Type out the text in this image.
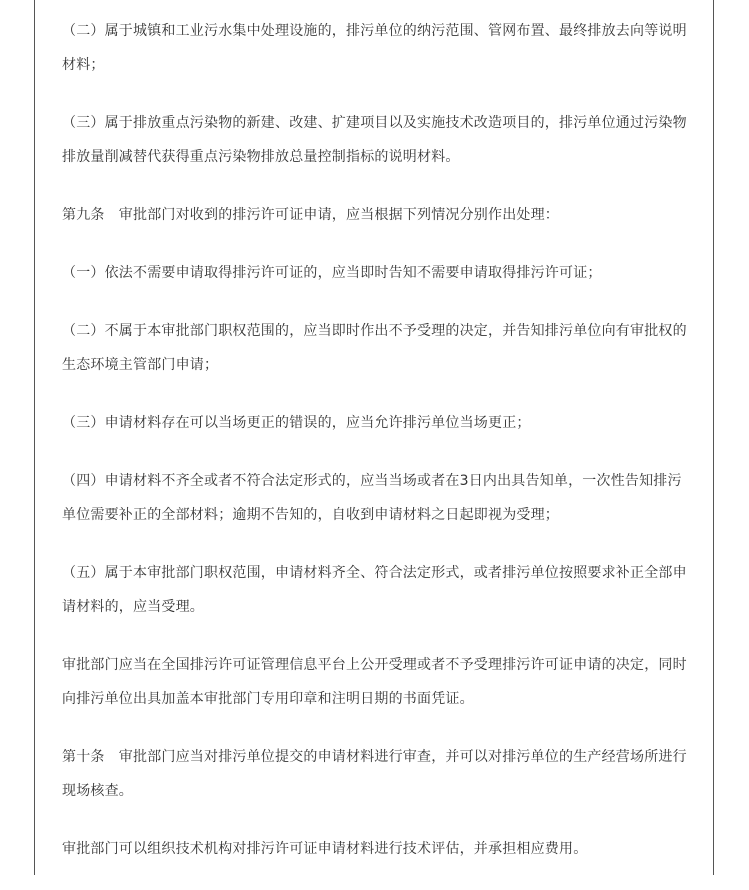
（二）属于城镇和工业污水集中处理设施的，排污单位的纳污范围、管网布置、最终排放去向等说明材料；

（三）属于排放重点污染物的新建、改建、扩建项目以及实施技术改造项目的，排污单位通过污染物排放量削减替代获得重点污染物排放总量控制指标的说明材料。

第九条　审批部门对收到的排污许可证申请，应当根据下列情况分别作出处理：

（一）依法不需要申请取得排污许可证的，应当即时告知不需要申请取得排污许可证；

（二）不属于本审批部门职权范围的，应当即时作出不予受理的决定，并告知排污单位向有审批权的生态环境主管部门申请；

（三）申请材料存在可以当场更正的错误的，应当允许排污单位当场更正；

（四）申请材料不齐全或者不符合法定形式的，应当当场或者在3日内出具告知单，一次性告知排污单位需要补正的全部材料；逾期不告知的，自收到申请材料之日起即视为受理；

（五）属于本审批部门职权范围，申请材料齐全、符合法定形式，或者排污单位按照要求补正全部申请材料的，应当受理。

审批部门应当在全国排污许可证管理信息平台上公开受理或者不予受理排污许可证申请的决定，同时向排污单位出具加盖本审批部门专用印章和注明日期的书面凭证。

第十条　审批部门应当对排污单位提交的申请材料进行审查，并可以对排污单位的生产经营场所进行现场核查。

审批部门可以组织技术机构对排污许可证申请材料进行技术评估，并承担相应费用。
